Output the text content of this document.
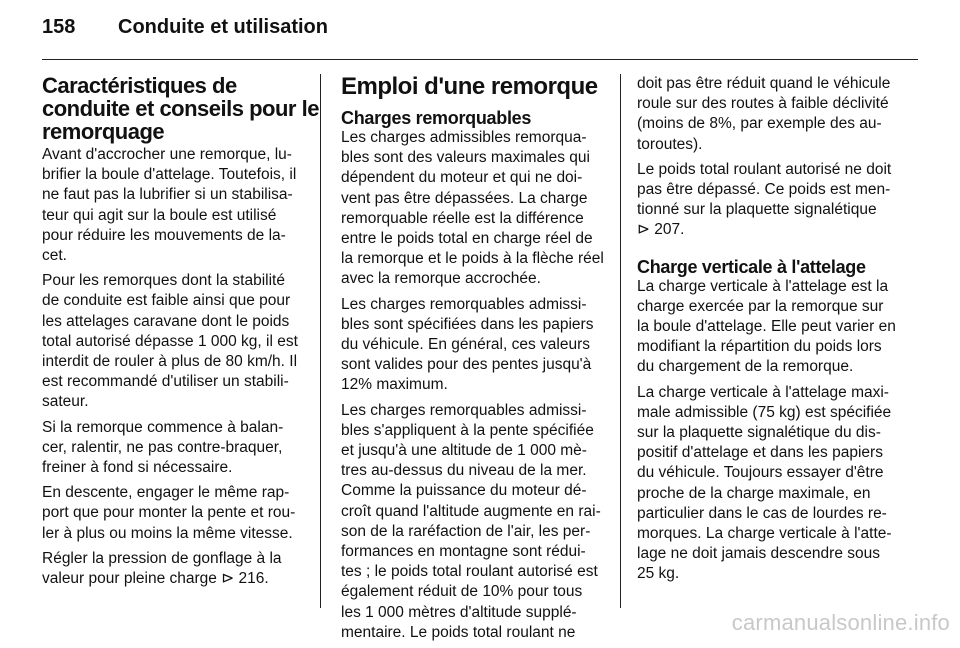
158	Conduite et utilisation
Caractéristiques de
conduite et conseils pour le
remorquage

Avant d'accrocher une remorque, lu-
brifier la boule d'attelage. Toutefois, il
ne faut pas la lubrifier si un stabilisa-
teur qui agit sur la boule est utilisé
pour réduire les mouvements de la-
cet.

Pour les remorques dont la stabilité
de conduite est faible ainsi que pour
les attelages caravane dont le poids
total autorisé dépasse 1 000 kg, il est
interdit de rouler à plus de 80 km/h. Il
est recommandé d'utiliser un stabili-
sateur.

Si la remorque commence à balan-
cer, ralentir, ne pas contre-braquer,
freiner à fond si nécessaire.

En descente, engager le même rap-
port que pour monter la pente et rou-
ler à plus ou moins la même vitesse.

Régler la pression de gonflage à la
valeur pour pleine charge ⊳ 216.

Emploi d'une remorque
Charges remorquables

Les charges admissibles remorqua-
bles sont des valeurs maximales qui
dépendent du moteur et qui ne doi-
vent pas être dépassées. La charge
remorquable réelle est la différence
entre le poids total en charge réel de
la remorque et le poids à la flèche réel
avec la remorque accrochée.

Les charges remorquables admissi-
bles sont spécifiées dans les papiers
du véhicule. En général, ces valeurs
sont valides pour des pentes jusqu'à
12% maximum.

Les charges remorquables admissi-
bles s'appliquent à la pente spécifiée
et jusqu'à une altitude de 1 000 mè-
tres au-dessus du niveau de la mer.
Comme la puissance du moteur dé-
croît quand l'altitude augmente en rai-
son de la raréfaction de l'air, les per-
formances en montagne sont rédui-
tes ; le poids total roulant autorisé est
également réduit de 10% pour tous
les 1 000 mètres d'altitude supplé-
mentaire. Le poids total roulant ne

doit pas être réduit quand le véhicule
roule sur des routes à faible déclivité
(moins de 8%, par exemple des au-
toroutes).

Le poids total roulant autorisé ne doit
pas être dépassé. Ce poids est men-
tionné sur la plaquette signalétique
⊳ 207.

Charge verticale à l'attelage

La charge verticale à l'attelage est la
charge exercée par la remorque sur
la boule d'attelage. Elle peut varier en
modifiant la répartition du poids lors
du chargement de la remorque.

La charge verticale à l'attelage maxi-
male admissible (75 kg) est spécifiée
sur la plaquette signalétique du dis-
positif d'attelage et dans les papiers
du véhicule. Toujours essayer d'être
proche de la charge maximale, en
particulier dans le cas de lourdes re-
morques. La charge verticale à l'atte-
lage ne doit jamais descendre sous
25 kg.

carmanualsonline.info
